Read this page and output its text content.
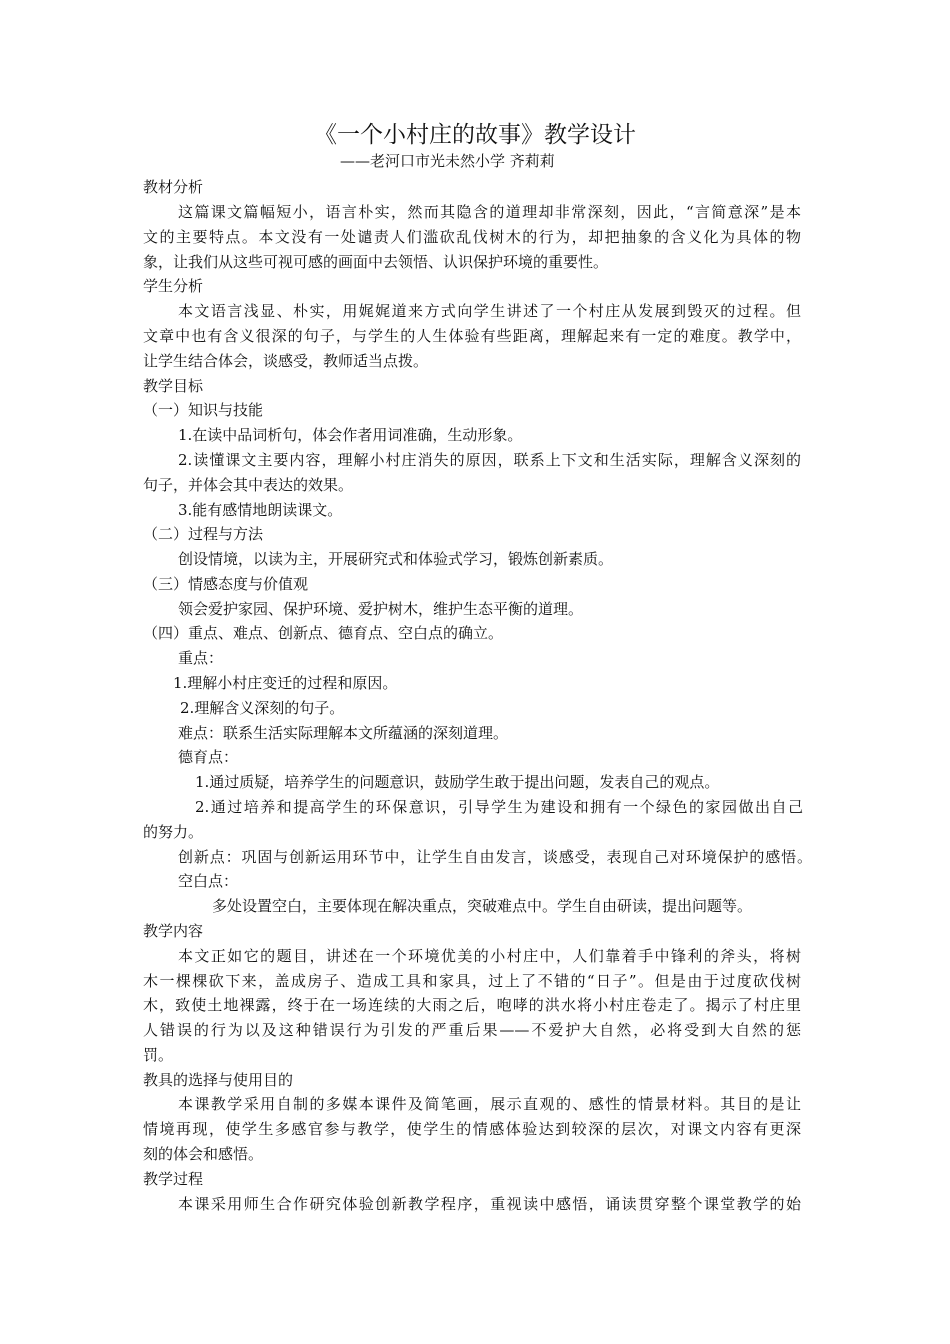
《一个小村庄的故事》教学设计
——老河口市光未然小学 齐莉莉
教材分析
这篇课文篇幅短小，语言朴实，然而其隐含的道理却非常深刻，因此，“言简意深”是本
文的主要特点。本文没有一处谴责人们滥砍乱伐树木的行为，却把抽象的含义化为具体的物
象，让我们从这些可视可感的画面中去领悟、认识保护环境的重要性。
学生分析
本文语言浅显、朴实，用娓娓道来方式向学生讲述了一个村庄从发展到毁灭的过程。但
文章中也有含义很深的句子，与学生的人生体验有些距离，理解起来有一定的难度。教学中，
让学生结合体会，谈感受，教师适当点拨。
教学目标
（一）知识与技能
1.在读中品词析句，体会作者用词准确，生动形象。
2.读懂课文主要内容，理解小村庄消失的原因，联系上下文和生活实际，理解含义深刻的
句子，并体会其中表达的效果。
3.能有感情地朗读课文。
（二）过程与方法
创设情境，以读为主，开展研究式和体验式学习，锻炼创新素质。
（三）情感态度与价值观
领会爱护家园、保护环境、爱护树木，维护生态平衡的道理。
（四）重点、难点、创新点、德育点、空白点的确立。
重点：
1.理解小村庄变迁的过程和原因。
2.理解含义深刻的句子。
难点：联系生活实际理解本文所蕴涵的深刻道理。
德育点：
1.通过质疑，培养学生的问题意识，鼓励学生敢于提出问题，发表自己的观点。
2.通过培养和提高学生的环保意识，引导学生为建设和拥有一个绿色的家园做出自己
的努力。
创新点：巩固与创新运用环节中，让学生自由发言，谈感受，表现自己对环境保护的感悟。
空白点：
多处设置空白，主要体现在解决重点，突破难点中。学生自由研读，提出问题等。
教学内容
本文正如它的题目，讲述在一个环境优美的小村庄中，人们靠着手中锋利的斧头，将树
木一棵棵砍下来，盖成房子、造成工具和家具，过上了不错的“日子”。但是由于过度砍伐树
木，致使土地裸露，终于在一场连续的大雨之后，咆哮的洪水将小村庄卷走了。揭示了村庄里
人错误的行为以及这种错误行为引发的严重后果——不爱护大自然，必将受到大自然的惩
罚。
教具的选择与使用目的
本课教学采用自制的多媒本课件及简笔画，展示直观的、感性的情景材料。其目的是让
情境再现，使学生多感官参与教学，使学生的情感体验达到较深的层次，对课文内容有更深
刻的体会和感悟。
教学过程
本课采用师生合作研究体验创新教学程序，重视读中感悟，诵读贯穿整个课堂教学的始
